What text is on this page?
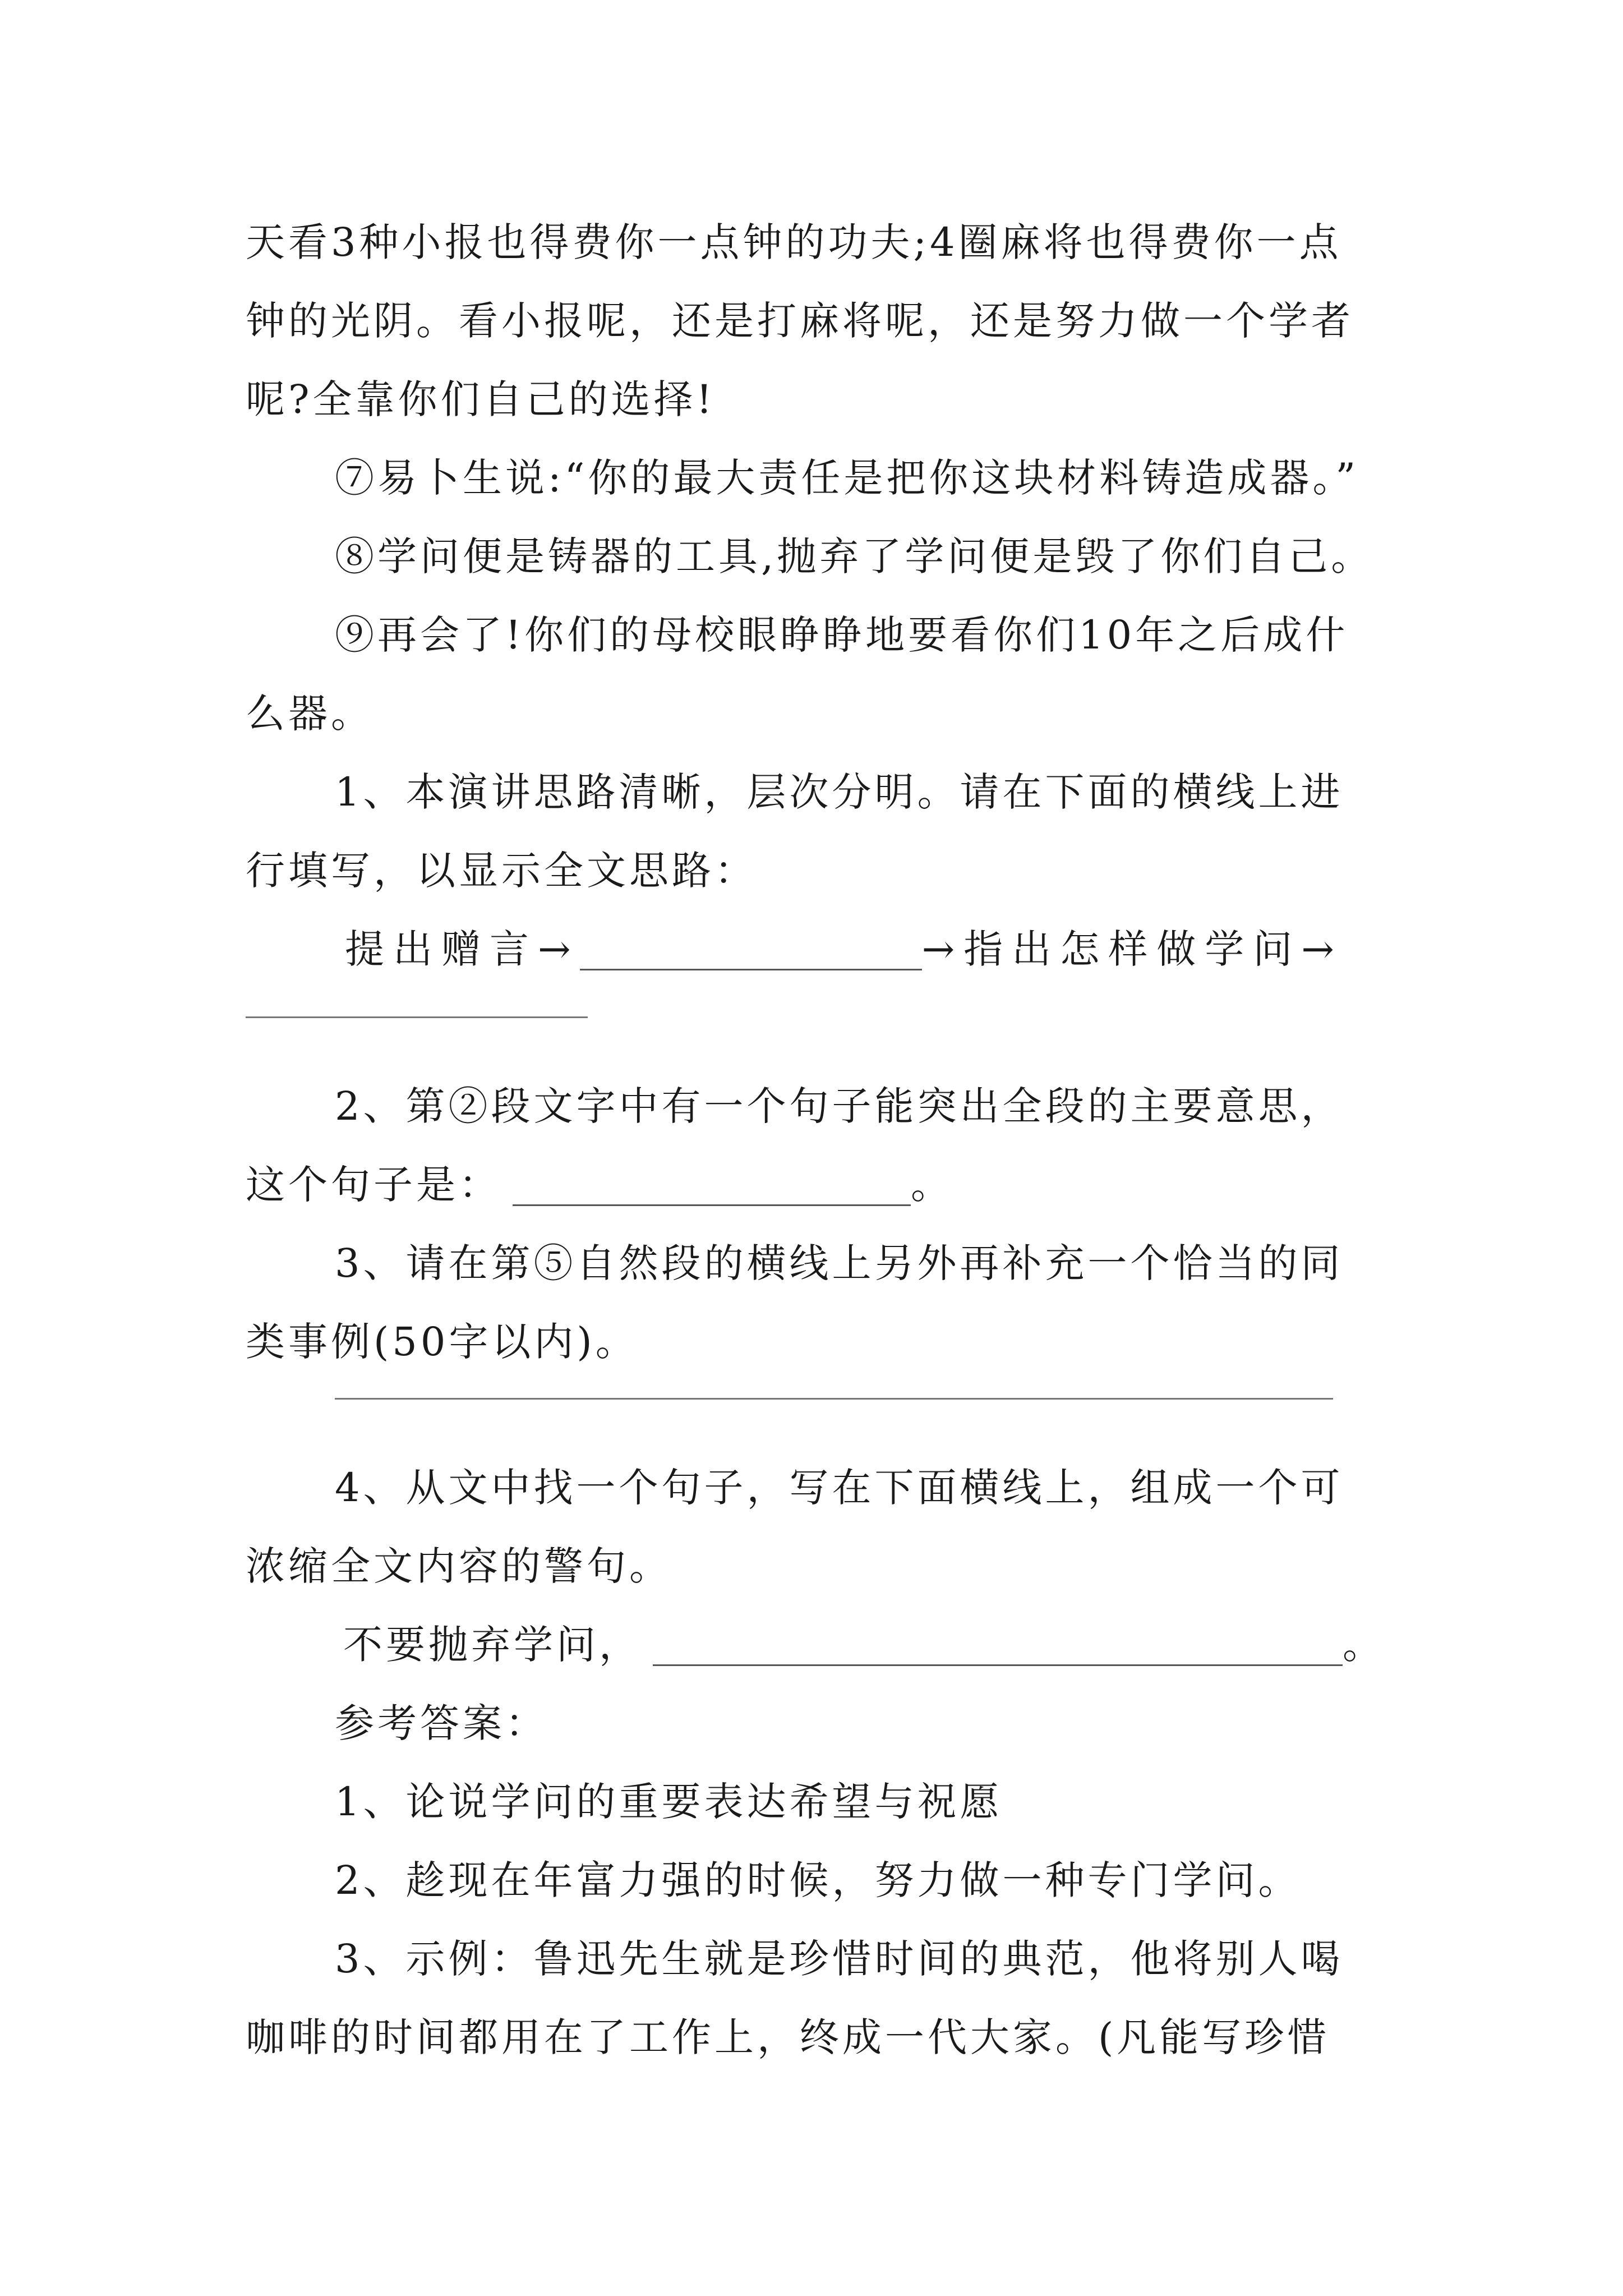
天看3种小报也得费你一点钟的功夫;4圈麻将也得费你一点
钟的光阴。看小报呢，还是打麻将呢，还是努力做一个学者
呢?全靠你们自己的选择!
⑦易卜生说:“你的最大责任是把你这块材料铸造成器。”
⑧学问便是铸器的工具,抛弃了学问便是毁了你们自己。
⑨再会了!你们的母校眼睁睁地要看你们10年之后成什
么器。
1、本演讲思路清晰，层次分明。请在下面的横线上进
行填写，以显示全文思路：
提出赠言→	→指出怎样做学问→
2、第②段文字中有一个句子能突出全段的主要意思，
这个句子是：	。
3、请在第⑤自然段的横线上另外再补充一个恰当的同
类事例(50字以内)。
4、从文中找一个句子，写在下面横线上，组成一个可
浓缩全文内容的警句。
不要抛弃学问，	。
参考答案：
1、论说学问的重要表达希望与祝愿
2、趁现在年富力强的时候，努力做一种专门学问。
3、示例：鲁迅先生就是珍惜时间的典范，他将别人喝
咖啡的时间都用在了工作上，终成一代大家。(凡能写珍惜
